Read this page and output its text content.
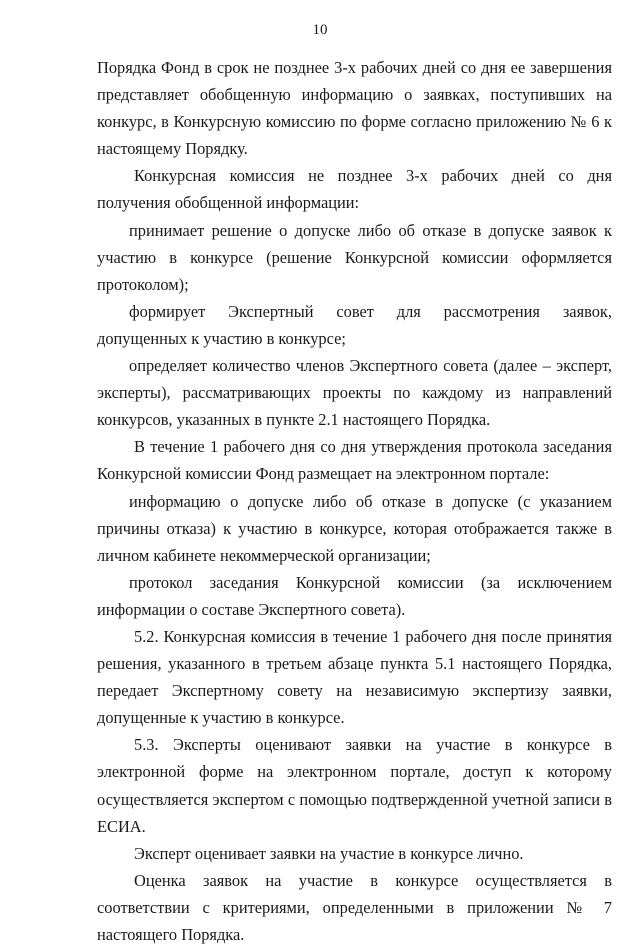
10

Порядка Фонд в срок не позднее 3-х рабочих дней со дня ее завершения представляет обобщенную информацию о заявках, поступивших на конкурс, в Конкурсную комиссию по форме согласно приложению № 6 к настоящему Порядку.

Конкурсная комиссия не позднее 3-х рабочих дней со дня получения обобщенной информации:

принимает решение о допуске либо об отказе в допуске заявок к участию в конкурсе (решение Конкурсной комиссии оформляется протоколом);

формирует Экспертный совет для рассмотрения заявок, допущенных к участию в конкурсе;

определяет количество членов Экспертного совета (далее – эксперт, эксперты), рассматривающих проекты по каждому из направлений конкурсов, указанных в пункте 2.1 настоящего Порядка.

В течение 1 рабочего дня со дня утверждения протокола заседания Конкурсной комиссии Фонд размещает на электронном портале:

информацию о допуске либо об отказе в допуске (с указанием причины отказа) к участию в конкурсе, которая отображается также в личном кабинете некоммерческой организации;

протокол заседания Конкурсной комиссии (за исключением информации о составе Экспертного совета).

5.2. Конкурсная комиссия в течение 1 рабочего дня после принятия решения, указанного в третьем абзаце пункта 5.1 настоящего Порядка, передает Экспертному совету на независимую экспертизу заявки, допущенные к участию в конкурсе.

5.3. Эксперты оценивают заявки на участие в конкурсе в электронной форме на электронном портале, доступ к которому осуществляется экспертом с помощью подтвержденной учетной записи в ЕСИА.

Эксперт оценивает заявки на участие в конкурсе лично.

Оценка заявок на участие в конкурсе осуществляется в соответствии с критериями, определенными в приложении № 7 настоящего Порядка.
